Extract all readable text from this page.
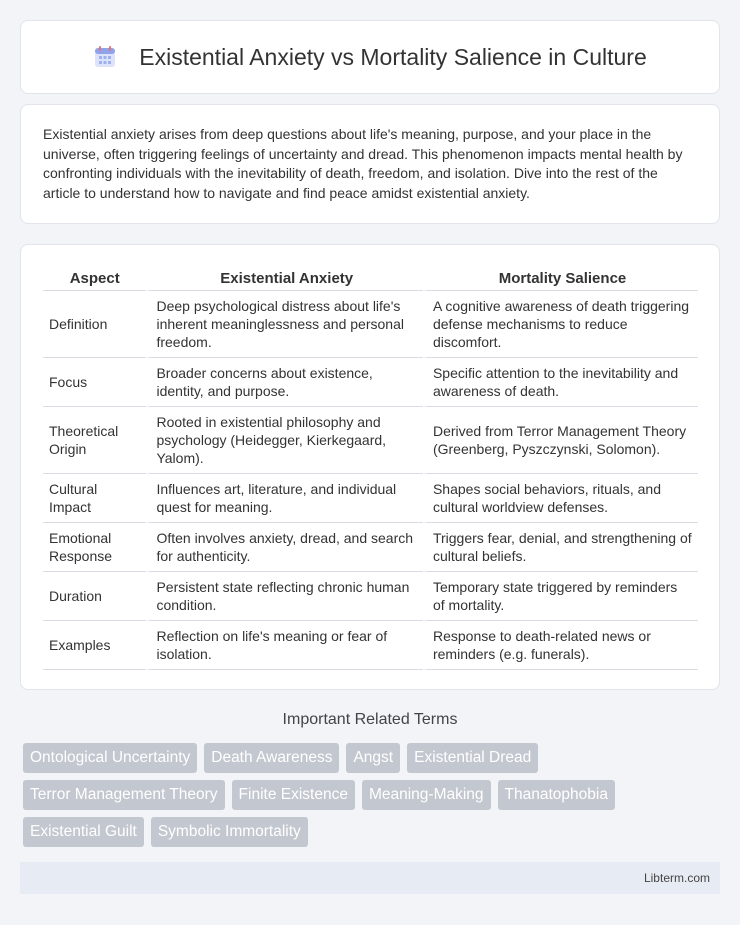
Existential Anxiety vs Mortality Salience in Culture

Existential anxiety arises from deep questions about life's meaning, purpose, and your place in the universe, often triggering feelings of uncertainty and dread. This phenomenon impacts mental health by confronting individuals with the inevitability of death, freedom, and isolation. Dive into the rest of the article to understand how to navigate and find peace amidst existential anxiety.

Aspect	Existential Anxiety	Mortality Salience
Definition	Deep psychological distress about life's inherent meaninglessness and personal freedom.	A cognitive awareness of death triggering defense mechanisms to reduce discomfort.
Focus	Broader concerns about existence, identity, and purpose.	Specific attention to the inevitability and awareness of death.
Theoretical Origin	Rooted in existential philosophy and psychology (Heidegger, Kierkegaard, Yalom).	Derived from Terror Management Theory (Greenberg, Pyszczynski, Solomon).
Cultural Impact	Influences art, literature, and individual quest for meaning.	Shapes social behaviors, rituals, and cultural worldview defenses.
Emotional Response	Often involves anxiety, dread, and search for authenticity.	Triggers fear, denial, and strengthening of cultural beliefs.
Duration	Persistent state reflecting chronic human condition.	Temporary state triggered by reminders of mortality.
Examples	Reflection on life's meaning or fear of isolation.	Response to death-related news or reminders (e.g. funerals).
Important Related Terms
Ontological Uncertainty	Death Awareness	Angst	Existential Dread
Terror Management Theory	Finite Existence	Meaning-Making	Thanatophobia
Existential Guilt	Symbolic Immortality
Libterm.com
